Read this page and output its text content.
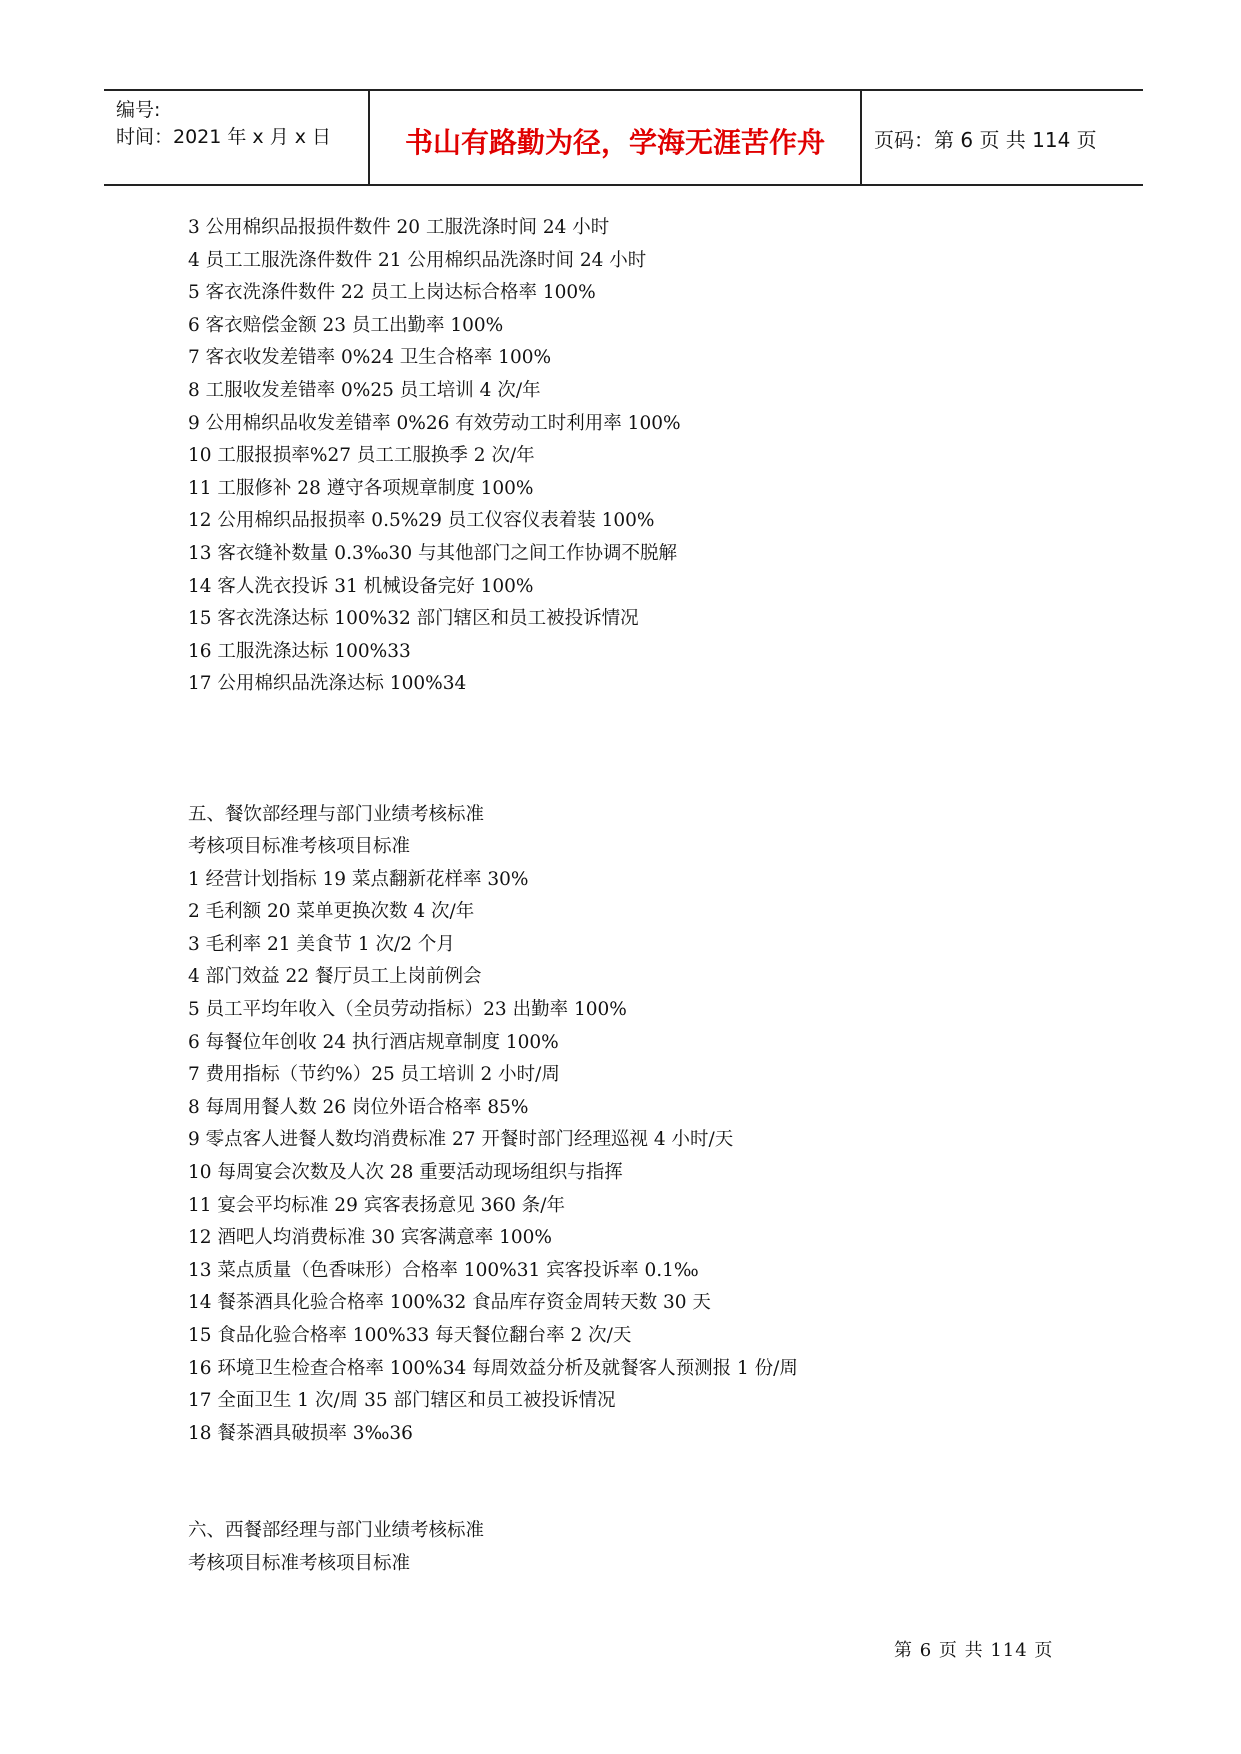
编号:
时间：2021 年 x 月 x 日	书山有路勤为径，学海无涯苦作舟	页码：第 6 页 共 114 页
3 公用棉织品报损件数件 20 工服洗涤时间 24 小时
4 员工工服洗涤件数件 21 公用棉织品洗涤时间 24 小时
5 客衣洗涤件数件 22 员工上岗达标合格率 100%
6 客衣赔偿金额 23 员工出勤率 100%
7 客衣收发差错率 0%24 卫生合格率 100%
8 工服收发差错率 0%25 员工培训 4 次/年
9 公用棉织品收发差错率 0%26 有效劳动工时利用率 100%
10 工服报损率%27 员工工服换季 2 次/年
11 工服修补 28 遵守各项规章制度 100%
12 公用棉织品报损率 0.5%29 员工仪容仪表着装 100%
13 客衣缝补数量 0.3‰30 与其他部门之间工作协调不脱解
14 客人洗衣投诉 31 机械设备完好 100%
15 客衣洗涤达标 100%32 部门辖区和员工被投诉情况
16 工服洗涤达标 100%33
17 公用棉织品洗涤达标 100%34
五、餐饮部经理与部门业绩考核标准
考核项目标准考核项目标准
1 经营计划指标 19 菜点翻新花样率 30%
2 毛利额 20 菜单更换次数 4 次/年
3 毛利率 21 美食节 1 次/2 个月
4 部门效益 22 餐厅员工上岗前例会
5 员工平均年收入（全员劳动指标）23 出勤率 100%
6 每餐位年创收 24 执行酒店规章制度 100%
7 费用指标（节约%）25 员工培训 2 小时/周
8 每周用餐人数 26 岗位外语合格率 85%
9 零点客人进餐人数均消费标准 27 开餐时部门经理巡视 4 小时/天
10 每周宴会次数及人次 28 重要活动现场组织与指挥
11 宴会平均标准 29 宾客表扬意见 360 条/年
12 酒吧人均消费标准 30 宾客满意率 100%
13 菜点质量（色香味形）合格率 100%31 宾客投诉率 0.1‰
14 餐茶酒具化验合格率 100%32 食品库存资金周转天数 30 天
15 食品化验合格率 100%33 每天餐位翻台率 2 次/天
16 环境卫生检查合格率 100%34 每周效益分析及就餐客人预测报 1 份/周
17 全面卫生 1 次/周 35 部门辖区和员工被投诉情况
18 餐茶酒具破损率 3‰36
六、西餐部经理与部门业绩考核标准
考核项目标准考核项目标准
第 6 页 共 114 页
